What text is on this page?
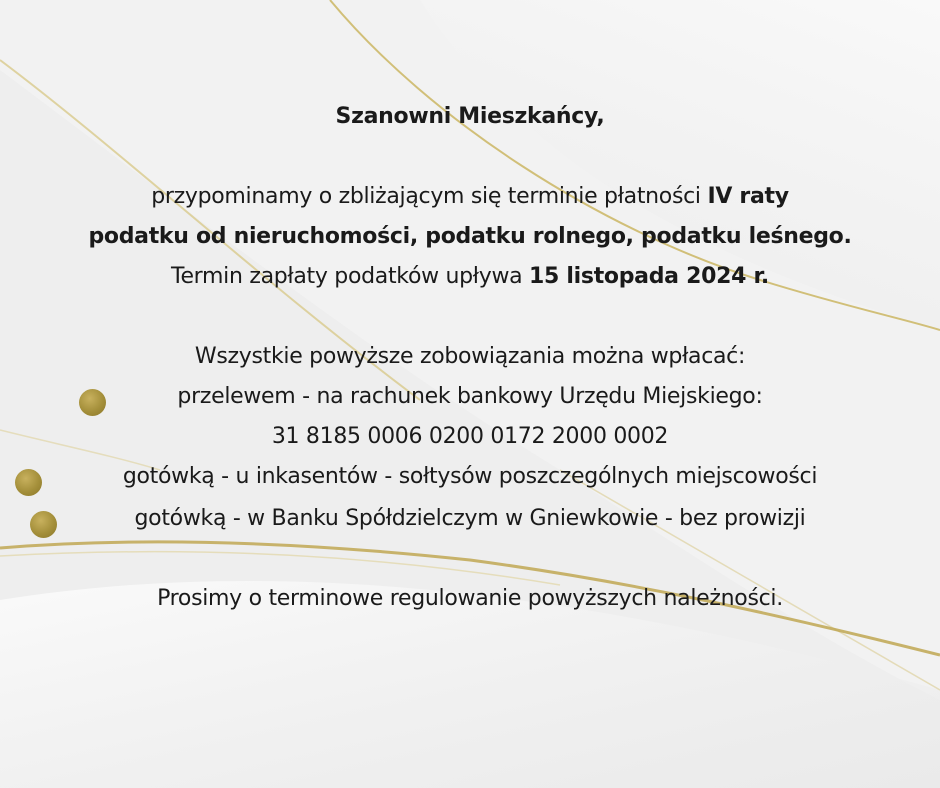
Szanowni Mieszkańcy,
przypominamy o zbliżającym się terminie płatności IV raty
podatku od nieruchomości, podatku rolnego, podatku leśnego.
Termin zapłaty podatków upływa 15 listopada 2024 r.
Wszystkie powyższe zobowiązania można wpłacać:
przelewem - na rachunek bankowy Urzędu Miejskiego:
31 8185 0006 0200 0172 2000 0002
gotówką - u inkasentów - sołtysów poszczególnych miejscowości
gotówką - w Banku Spółdzielczym w Gniewkowie - bez prowizji
Prosimy o terminowe regulowanie powyższych należności.
